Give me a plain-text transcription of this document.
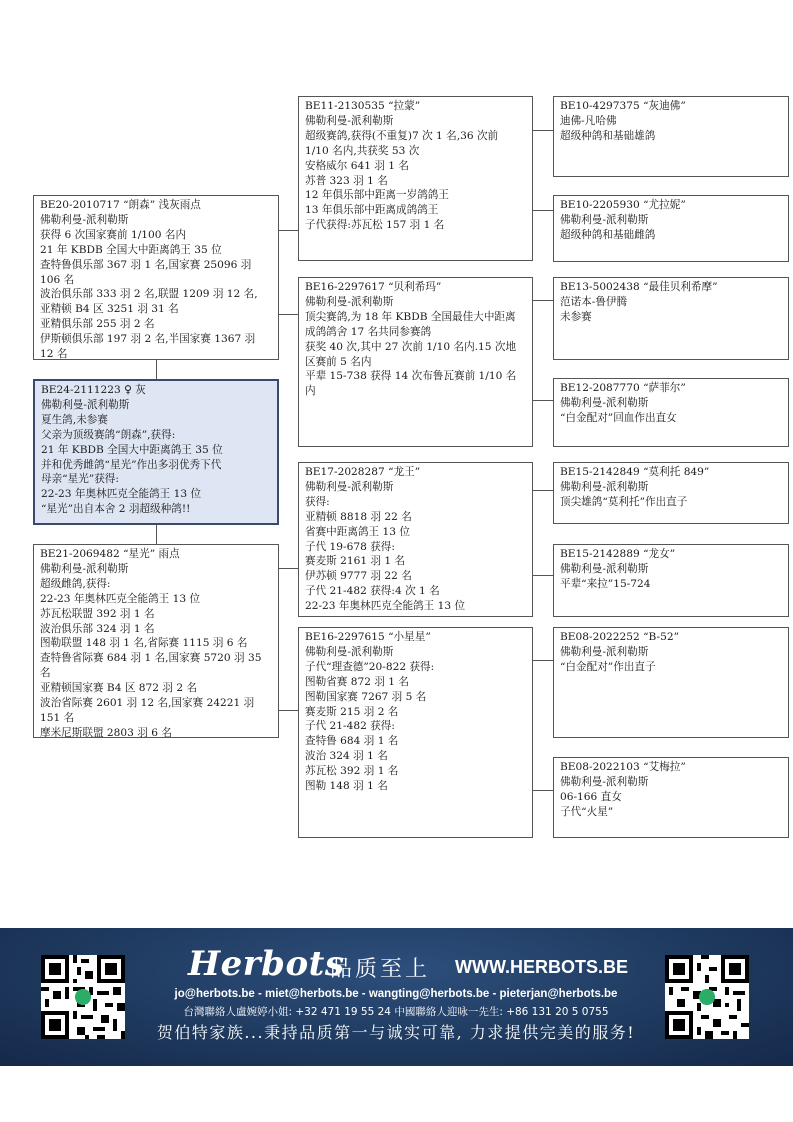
BE20-2010717 “朗森” 浅灰雨点
佛勒利曼-派利勒斯
获得 6 次国家赛前 1/100 名内
21 年 KBDB 全国大中距离鸽王 35 位
查特鲁俱乐部 367 羽 1 名,国家赛 25096 羽
106 名
波治俱乐部 333 羽 2 名,联盟 1209 羽 12 名,
亚精顿 B4 区 3251 羽 31 名
亚精俱乐部 255 羽 2 名
伊斯顿俱乐部 197 羽 2 名,半国家赛 1367 羽
12 名
BE24-2111223 ♀ 灰
佛勒利曼-派利勒斯
夏生鸽,未参赛
父亲为顶级赛鸽“朗森”,获得:
21 年 KBDB 全国大中距离鸽王 35 位
并和优秀雌鸽“星光”作出多羽优秀下代
母亲“星光”获得:
22-23 年奥林匹克全能鸽王 13 位
“星光”出自本舍 2 羽超级种鸽!!
BE21-2069482 “星光” 雨点
佛勒利曼-派利勒斯
超级雌鸽,获得:
22-23 年奥林匹克全能鸽王 13 位
苏瓦松联盟 392 羽 1 名
波治俱乐部 324 羽 1 名
图勒联盟 148 羽 1 名,省际赛 1115 羽 6 名
查特鲁省际赛 684 羽 1 名,国家赛 5720 羽 35
名
亚精顿国家赛 B4 区 872 羽 2 名
波治省际赛 2601 羽 12 名,国家赛 24221 羽
151 名
摩米尼斯联盟 2803 羽 6 名
BE11-2130535 “拉蒙”
佛勒利曼-派利勒斯
超级赛鸽,获得(不重复)7 次 1 名,36 次前
1/10 名内,共获奖 53 次
安格威尔 641 羽 1 名
苏普 323 羽 1 名
12 年俱乐部中距离一岁鸽鸽王
13 年俱乐部中距离成鸽鸽王
子代获得:苏瓦松 157 羽 1 名
BE16-2297617 “贝利希玛”
佛勒利曼-派利勒斯
顶尖赛鸽,为 18 年 KBDB 全国最佳大中距离
成鸽鸽舍 17 名共同参赛鸽
获奖 40 次,其中 27 次前 1/10 名内.15 次地
区赛前 5 名内
平辈 15-738 获得 14 次布鲁瓦赛前 1/10 名
内
BE17-2028287 “龙王”
佛勒利曼-派利勒斯
获得:
亚精顿 8818 羽 22 名
省赛中距离鸽王 13 位
子代 19-678 获得:
赛麦斯 2161 羽 1 名
伊苏顿 9777 羽 22 名
子代 21-482 获得:4 次 1 名
22-23 年奥林匹克全能鸽王 13 位
BE16-2297615 “小星星”
佛勒利曼-派利勒斯
子代“理查德”20-822 获得:
图勒省赛 872 羽 1 名
图勒国家赛 7267 羽 5 名
赛麦斯 215 羽 2 名
子代 21-482 获得:
查特鲁 684 羽 1 名
波治 324 羽 1 名
苏瓦松 392 羽 1 名
图勒 148 羽 1 名
BE10-4297375 “灰迪佛”
迪佛-凡哈佛
超级种鸽和基础雄鸽
BE10-2205930 “尤拉妮”
佛勒利曼-派利勒斯
超级种鸽和基础雌鸽
BE13-5002438 “最佳贝利希摩”
范诺本-鲁伊腾
未参赛
BE12-2087770 “萨菲尔”
佛勒利曼-派利勒斯
“白金配对”回血作出直女
BE15-2142849 “莫利托 849”
佛勒利曼-派利勒斯
顶尖雄鸽“莫利托”作出直子
BE15-2142889 “龙女”
佛勒利曼-派利勒斯
平辈“来拉”15-724
BE08-2022252 “B-52”
佛勒利曼-派利勒斯
“白金配对”作出直子
BE08-2022103 “艾梅拉”
佛勒利曼-派利勒斯
06-166 直女
子代“火星”
Herbots
品质至上 WWW.HERBOTS.BE
jo@herbots.be - miet@herbots.be - wangting@herbots.be - pieterjan@herbots.be
台灣聯絡人盧婉婷小姐: +32 471 19 55 24 中國聯絡人迎咏一先生: +86 131 20 5 0755
贺伯特家族...秉持品质第一与诚实可靠, 力求提供完美的服务!
